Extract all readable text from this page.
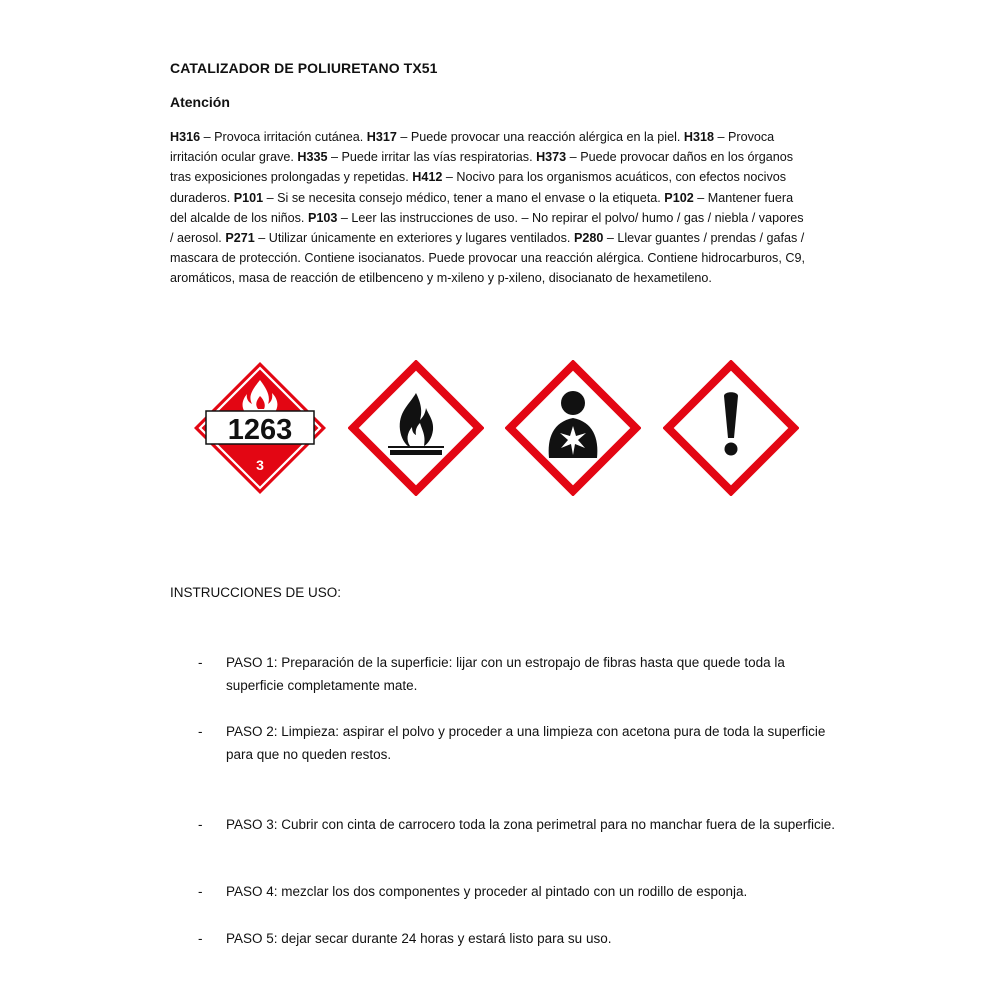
CATALIZADOR DE POLIURETANO TX51
Atención

H316 – Provoca irritación cutánea. H317 – Puede provocar una reacción alérgica en la piel. H318 – Provoca irritación ocular grave. H335 – Puede irritar las vías respiratorias. H373 – Puede provocar daños en los órganos tras exposiciones prolongadas y repetidas. H412 – Nocivo para los organismos acuáticos, con efectos nocivos duraderos. P101 – Si se necesita consejo médico, tener a mano el envase o la etiqueta. P102 – Mantener fuera del alcalde de los niños. P103 – Leer las instrucciones de uso. – No repirar el polvo/ humo / gas / niebla / vapores / aerosol. P271 – Utilizar únicamente en exteriores y lugares ventilados. P280 – Llevar guantes / prendas / gafas / mascara de protección. Contiene isocianatos. Puede provocar una reacción alérgica. Contiene hidrocarburos, C9, aromáticos, masa de reacción de etilbenceno y m-xileno y p-xileno, disocianato de hexametileno.

1263
3
INSTRUCCIONES DE USO:
- PASO 1: Preparación de la superficie: lijar con un estropajo de fibras hasta que quede toda la superficie completamente mate.
- PASO 2: Limpieza: aspirar el polvo y proceder a una limpieza con acetona pura de toda la superficie para que no queden restos.
- PASO 3: Cubrir con cinta de carrocero toda la zona perimetral para no manchar fuera de la superficie.
- PASO 4: mezclar los dos componentes y proceder al pintado con un rodillo de esponja.
- PASO 5: dejar secar durante 24 horas y estará listo para su uso.
